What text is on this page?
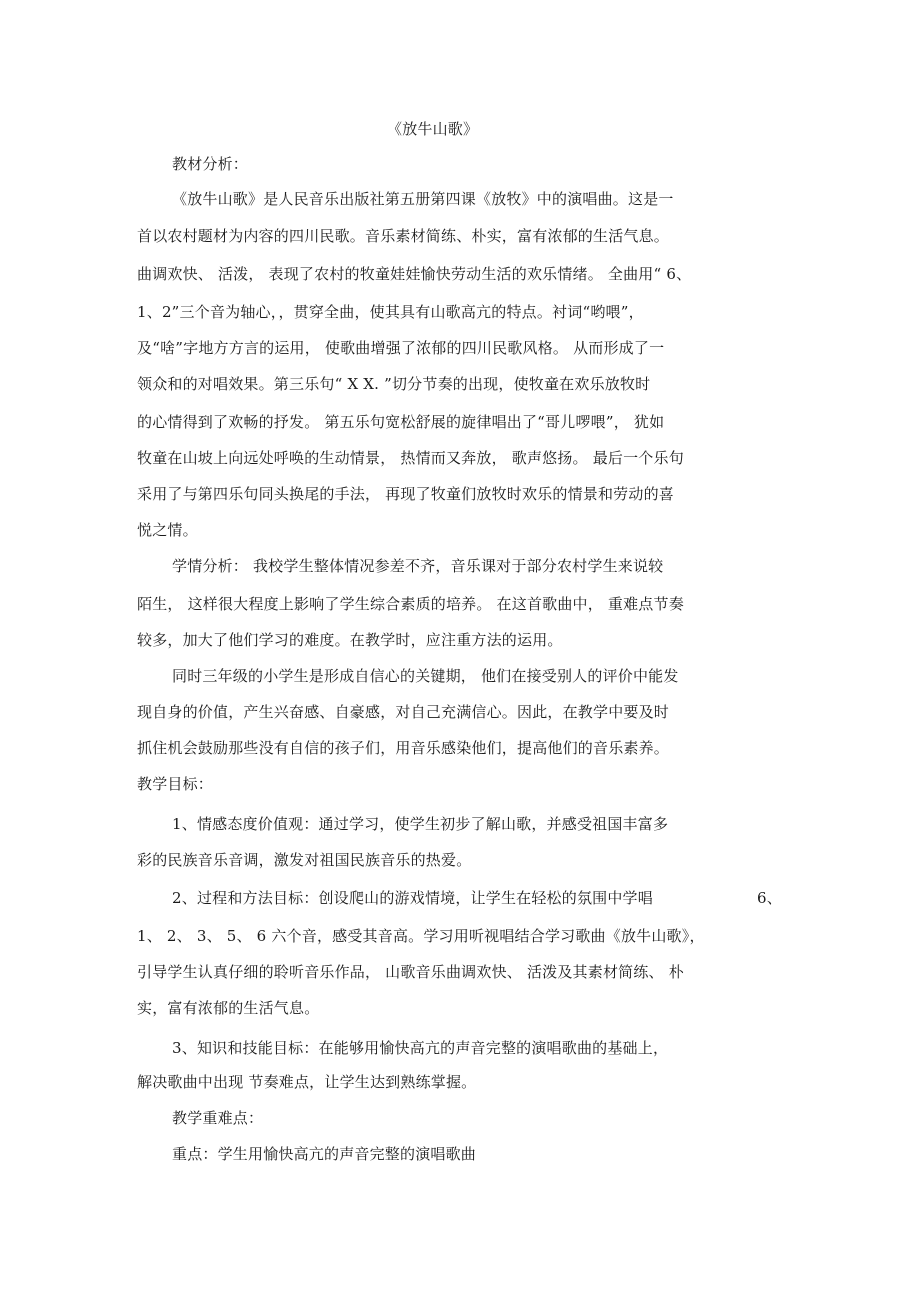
《放牛山歌》
教材分析：
《放牛山歌》是人民音乐出版社第五册第四课《放牧》中的演唱曲。这是一
首以农村题材为内容的四川民歌。音乐素材简练、朴实，富有浓郁的生活气息。
曲调欢快、 活泼， 表现了农村的牧童娃娃愉快劳动生活的欢乐情绪。 全曲用“ 6、
1、2”三个音为轴心，，贯穿全曲，使其具有山歌高亢的特点。衬词“哟喂”，
及“啥”字地方方言的运用， 使歌曲增强了浓郁的四川民歌风格。 从而形成了一
领众和的对唱效果。第三乐句“ X X. ”切分节奏的出现，使牧童在欢乐放牧时
的心情得到了欢畅的抒发。 第五乐句宽松舒展的旋律唱出了“哥儿啰喂”， 犹如
牧童在山坡上向远处呼唤的生动情景， 热情而又奔放， 歌声悠扬。 最后一个乐句
采用了与第四乐句同头换尾的手法， 再现了牧童们放牧时欢乐的情景和劳动的喜
悦之情。
学情分析： 我校学生整体情况参差不齐，音乐课对于部分农村学生来说较
陌生， 这样很大程度上影响了学生综合素质的培养。 在这首歌曲中， 重难点节奏
较多，加大了他们学习的难度。在教学时，应注重方法的运用。
同时三年级的小学生是形成自信心的关键期， 他们在接受别人的评价中能发
现自身的价值，产生兴奋感、自豪感，对自己充满信心。因此，在教学中要及时
抓住机会鼓励那些没有自信的孩子们，用音乐感染他们，提高他们的音乐素养。
教学目标：
1、情感态度价值观：通过学习，使学生初步了解山歌，并感受祖国丰富多
彩的民族音乐音调，激发对祖国民族音乐的热爱。
2、过程和方法目标：创设爬山的游戏情境，让学生在轻松的氛围中学唱	6、
1、 2、 3、 5、 6 六个音，感受其音高。学习用听视唱结合学习歌曲《放牛山歌》，
引导学生认真仔细的聆听音乐作品， 山歌音乐曲调欢快、 活泼及其素材简练、 朴
实，富有浓郁的生活气息。
3、知识和技能目标：在能够用愉快高亢的声音完整的演唱歌曲的基础上，
解决歌曲中出现 节奏难点，让学生达到熟练掌握。
教学重难点：
重点：学生用愉快高亢的声音完整的演唱歌曲
